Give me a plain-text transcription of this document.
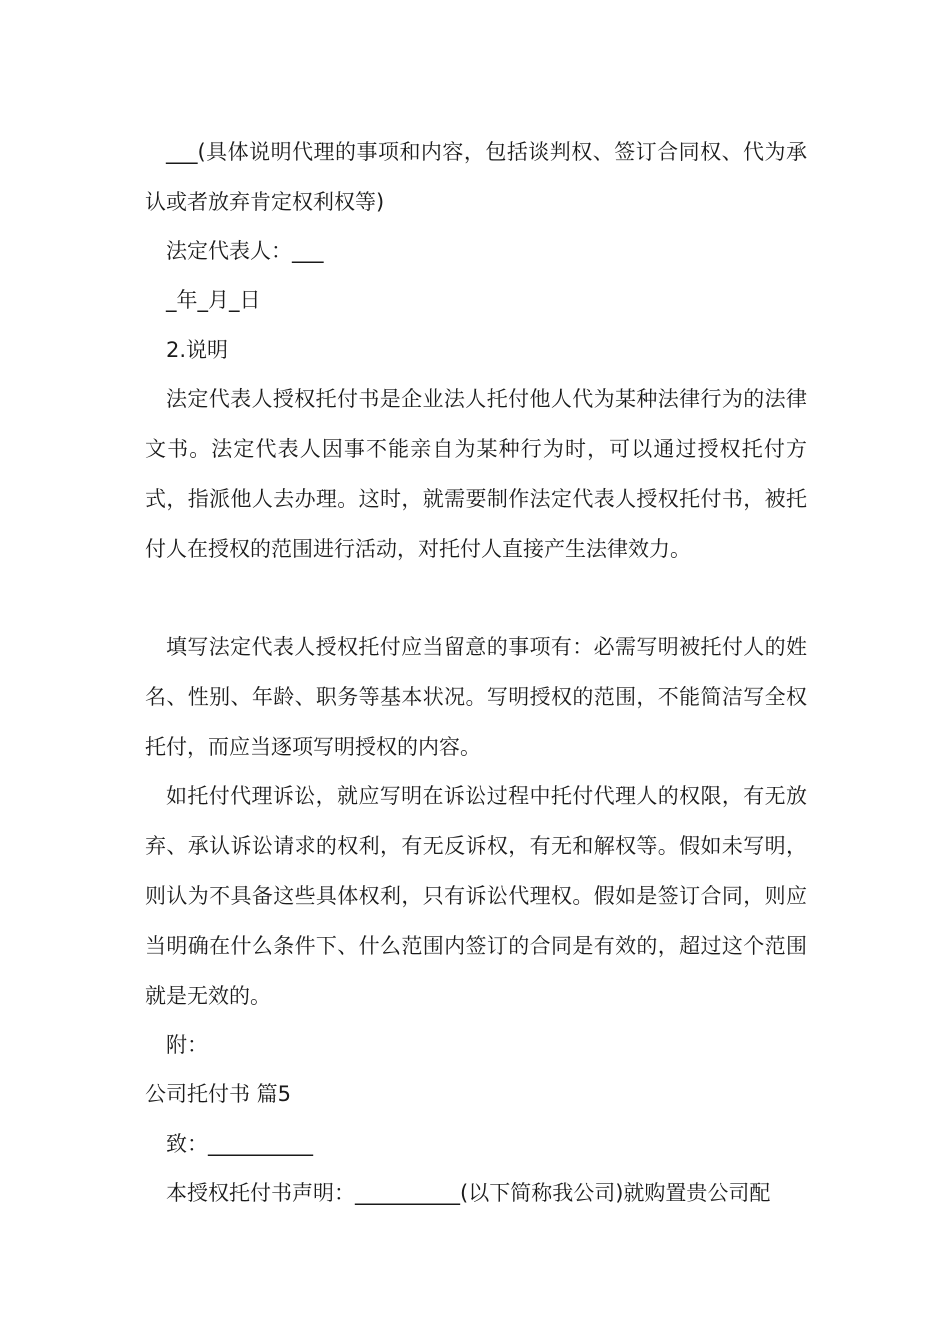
___(具体说明代理的事项和内容，包括谈判权、签订合同权、代为承认或者放弃肯定权利权等)

法定代表人：___

_年_月_日

2.说明

法定代表人授权托付书是企业法人托付他人代为某种法律行为的法律文书。法定代表人因事不能亲自为某种行为时，可以通过授权托付方式，指派他人去办理。这时，就需要制作法定代表人授权托付书，被托付人在授权的范围进行活动，对托付人直接产生法律效力。

填写法定代表人授权托付应当留意的事项有：必需写明被托付人的姓名、性别、年龄、职务等基本状况。写明授权的范围，不能简洁写全权托付，而应当逐项写明授权的内容。

如托付代理诉讼，就应写明在诉讼过程中托付代理人的权限，有无放弃、承认诉讼请求的权利，有无反诉权，有无和解权等。假如未写明，则认为不具备这些具体权利，只有诉讼代理权。假如是签订合同，则应当明确在什么条件下、什么范围内签订的合同是有效的，超过这个范围就是无效的。

附：

公司托付书 篇5

致：__________

本授权托付书声明：__________(以下简称我公司)就购置贵公司配
